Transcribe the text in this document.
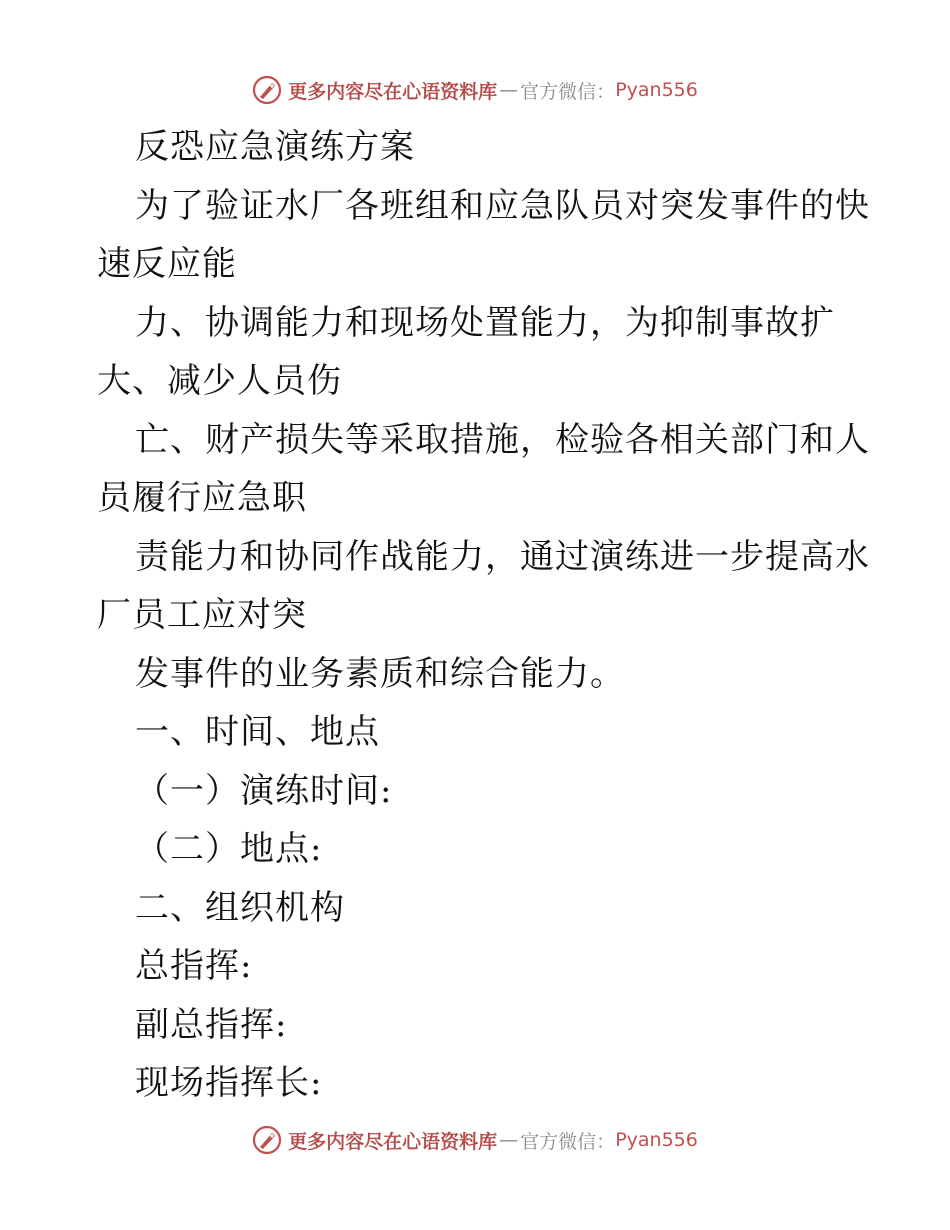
更多内容尽在心语资料库 — 官方微信： Pyan556
反恐应急演练方案
为了验证水厂各班组和应急队员对突发事件的快
速反应能
力、协调能力和现场处置能力，为抑制事故扩
大、减少人员伤
亡、财产损失等采取措施，检验各相关部门和人
员履行应急职
责能力和协同作战能力，通过演练进一步提高水
厂员工应对突
发事件的业务素质和综合能力。
一、时间、地点
（一）演练时间:
（二）地点:
二、组织机构
总指挥:
副总指挥:
现场指挥长:
更多内容尽在心语资料库 — 官方微信： Pyan556
